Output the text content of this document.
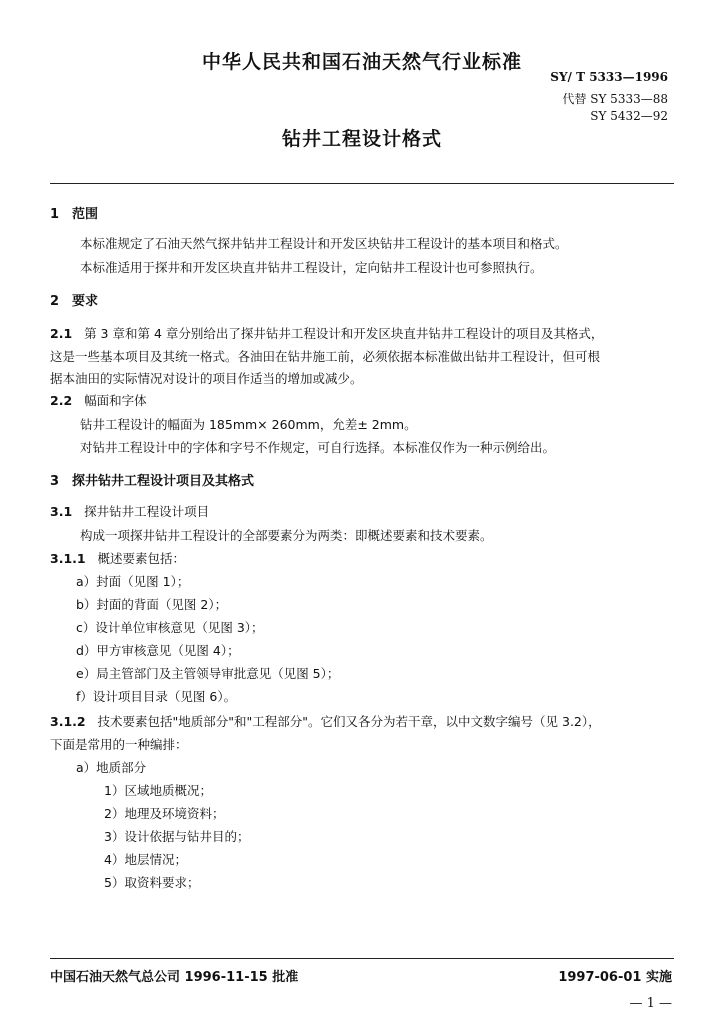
中华人民共和国石油天然气行业标准
SY/ T 5333—1996
代替 SY 5333—88
SY 5432—92
钻井工程设计格式
1 范围
本标准规定了石油天然气探井钻井工程设计和开发区块钻井工程设计的基本项目和格式。
本标准适用于探井和开发区块直井钻井工程设计，定向钻井工程设计也可参照执行。
2 要求
2.1 第 3 章和第 4 章分别给出了探井钻井工程设计和开发区块直井钻井工程设计的项目及其格式，
这是一些基本项目及其统一格式。各油田在钻井施工前，必须依据本标准做出钻井工程设计，但可根
据本油田的实际情况对设计的项目作适当的增加或减少。
2.2 幅面和字体
钻井工程设计的幅面为 185mm× 260mm，允差± 2mm。
对钻井工程设计中的字体和字号不作规定，可自行选择。本标准仅作为一种示例给出。
3 探井钻井工程设计项目及其格式
3.1 探井钻井工程设计项目
构成一项探井钻井工程设计的全部要素分为两类：即概述要素和技术要素。
3.1.1 概述要素包括：
a）封面（见图 1）；
b）封面的背面（见图 2）；
c）设计单位审核意见（见图 3）；
d）甲方审核意见（见图 4）；
e）局主管部门及主管领导审批意见（见图 5）；
f）设计项目目录（见图 6）。
3.1.2 技术要素包括"地质部分"和"工程部分"。它们又各分为若干章，以中文数字编号（见 3.2），
下面是常用的一种编排：
a）地质部分
1）区域地质概况；
2）地理及环境资料；
3）设计依据与钻井目的；
4）地层情况；
5）取资料要求；
中国石油天然气总公司 1996-11-15 批准	1997-06-01 实施
— 1 —
